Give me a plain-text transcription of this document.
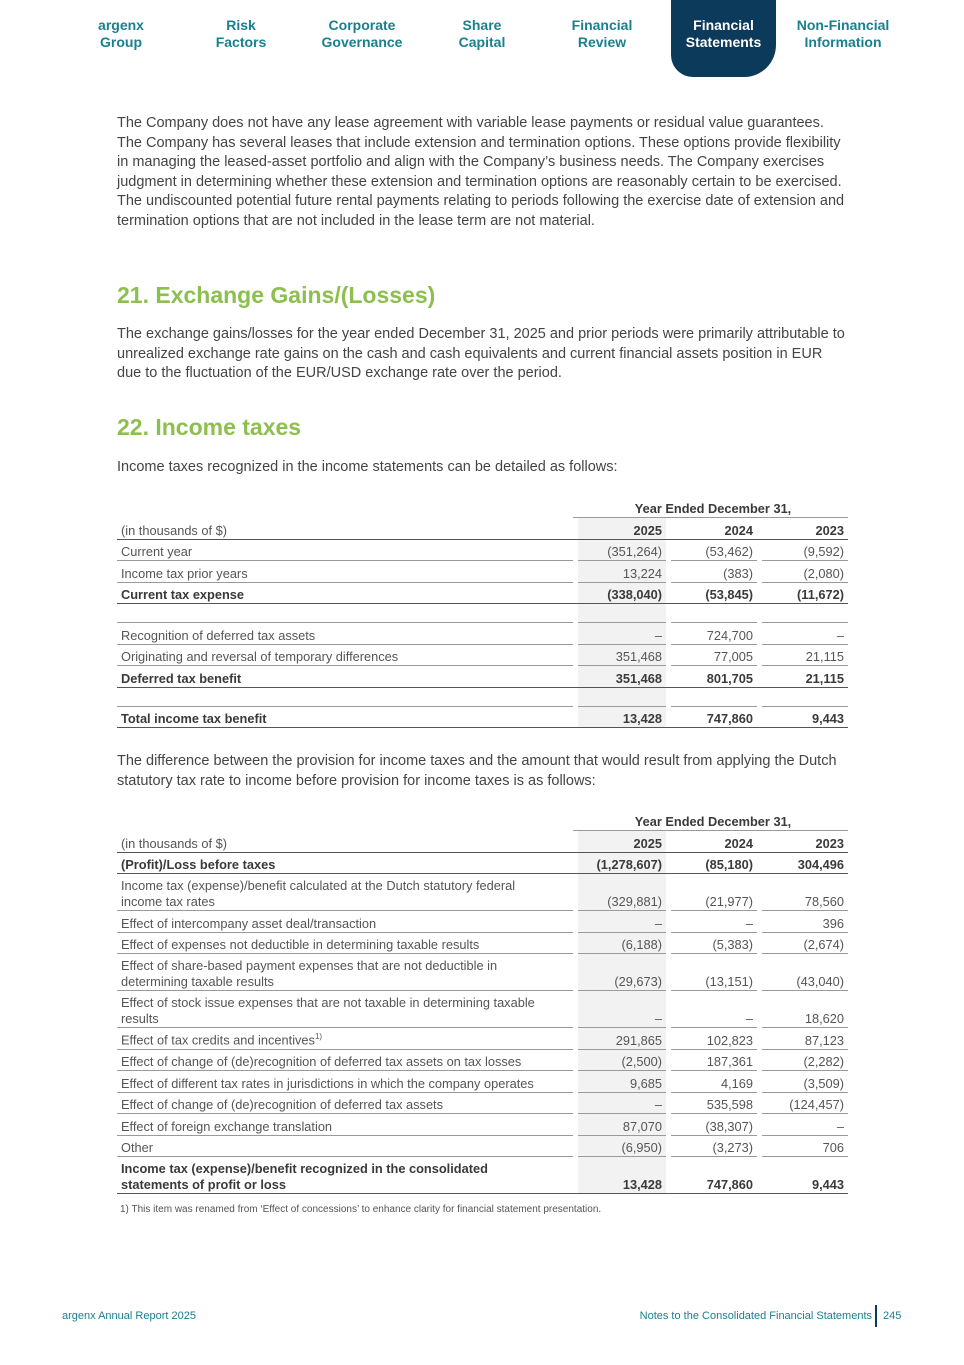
argenx
Group
Risk
Factors
Corporate
Governance
Share
Capital
Financial
Review
Financial
Statements
Non-Financial
Information

The Company does not have any lease agreement with variable lease payments or residual value guarantees. The Company has several leases that include extension and termination options. These options provide flexibility in managing the leased-asset portfolio and align with the Company’s business needs. The Company exercises judgment in determining whether these extension and termination options are reasonably certain to be exercised. The undiscounted potential future rental payments relating to periods following the exercise date of extension and termination options that are not included in the lease term are not material.

21. Exchange Gains/(Losses)

The exchange gains/losses for the year ended December 31, 2025 and prior periods were primarily attributable to unrealized exchange rate gains on the cash and cash equivalents and current financial assets position in EUR due to the fluctuation of the EUR/USD exchange rate over the period.

22. Income taxes

Income taxes recognized in the income statements can be detailed as follows:

		Year Ended December 31,				
(in thousands of $)		2025		2024		2023
Current year		(351,264)		(53,462)		(9,592)
Income tax prior years		13,224		(383)		(2,080)
Current tax expense		(338,040)		(53,845)		(11,672)

Recognition of deferred tax assets		–		724,700		–
Originating and reversal of temporary differences		351,468		77,005		21,115
Deferred tax benefit		351,468		801,705		21,115

Total income tax benefit		13,428		747,860		9,443

The difference between the provision for income taxes and the amount that would result from applying the Dutch statutory tax rate to income before provision for income taxes is as follows:

		Year Ended December 31,				
(in thousands of $)		2025		2024		2023
(Profit)/Loss before taxes		(1,278,607)		(85,180)		304,496
Income tax (expense)/benefit calculated at the Dutch statutory federal income tax rates		(329,881)		(21,977)		78,560
Effect of intercompany asset deal/transaction		–		–		396
Effect of expenses not deductible in determining taxable results		(6,188)		(5,383)		(2,674)
Effect of share-based payment expenses that are not deductible in determining taxable results		(29,673)		(13,151)		(43,040)
Effect of stock issue expenses that are not taxable in determining taxable results		–		–		18,620
Effect of tax credits and incentives$^{1)}$		291,865		102,823		87,123
Effect of change of (de)recognition of deferred tax assets on tax losses		(2,500)		187,361		(2,282)
Effect of different tax rates in jurisdictions in which the company operates		9,685		4,169		(3,509)
Effect of change of (de)recognition of deferred tax assets		–		535,598		(124,457)
Effect of foreign exchange translation		87,070		(38,307)		–
Other		(6,950)		(3,273)		706
Income tax (expense)/benefit recognized in the consolidated statements of profit or loss		13,428		747,860		9,443

1) This item was renamed from ‘Effect of concessions’ to enhance clarity for financial statement presentation.

argenx Annual Report 2025	Notes to the Consolidated Financial Statements 245
